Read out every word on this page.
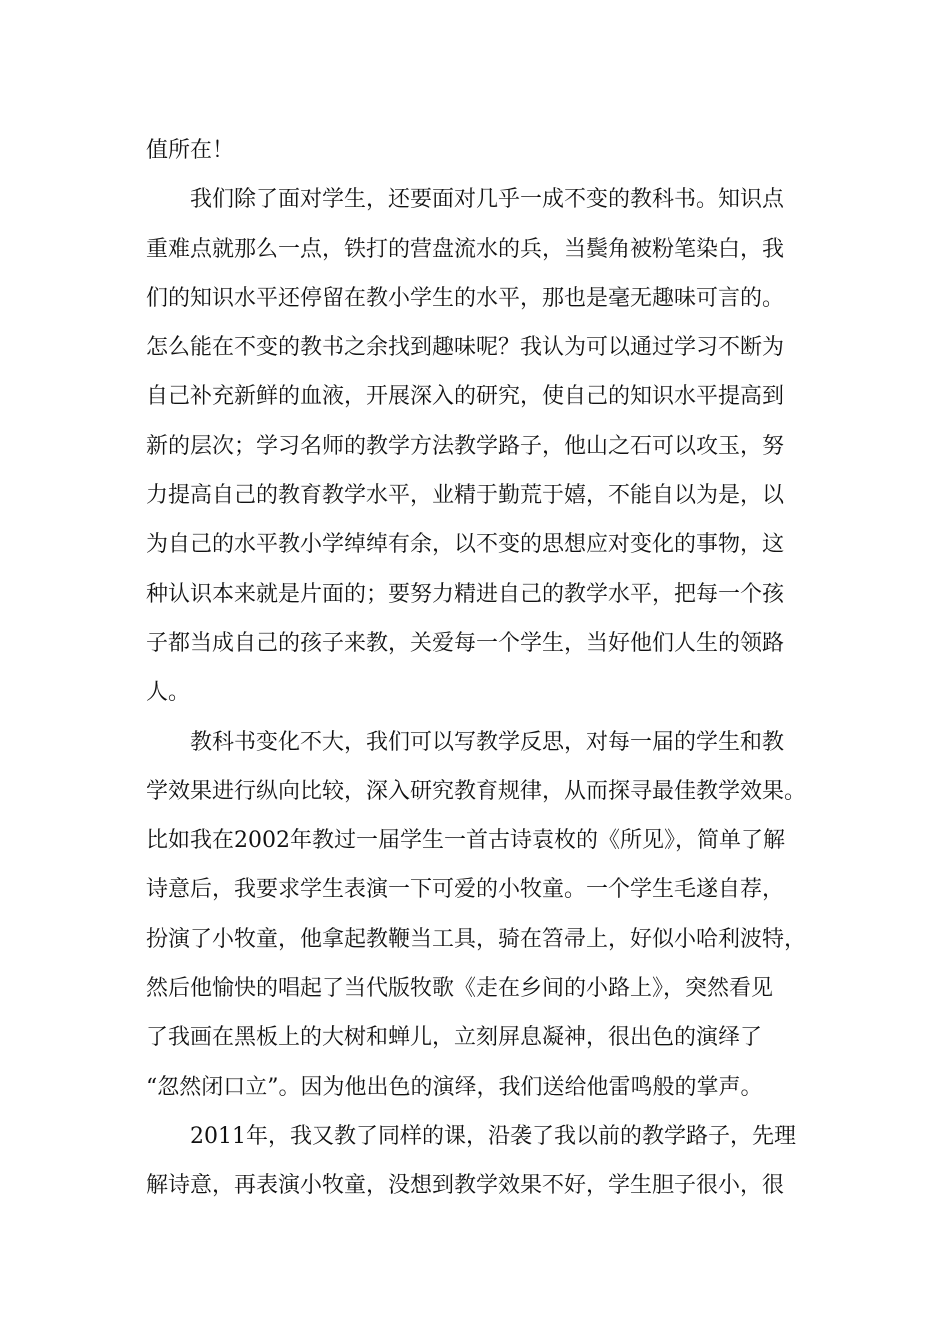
值所在！
我们除了面对学生，还要面对几乎一成不变的教科书。知识点
重难点就那么一点，铁打的营盘流水的兵，当鬓角被粉笔染白，我
们的知识水平还停留在教小学生的水平，那也是毫无趣味可言的。
怎么能在不变的教书之余找到趣味呢？我认为可以通过学习不断为
自己补充新鲜的血液，开展深入的研究，使自己的知识水平提高到
新的层次；学习名师的教学方法教学路子，他山之石可以攻玉，努
力提高自己的教育教学水平，业精于勤荒于嬉，不能自以为是，以
为自己的水平教小学绰绰有余，以不变的思想应对变化的事物，这
种认识本来就是片面的；要努力精进自己的教学水平，把每一个孩
子都当成自己的孩子来教，关爱每一个学生，当好他们人生的领路
人。
教科书变化不大，我们可以写教学反思，对每一届的学生和教
学效果进行纵向比较，深入研究教育规律，从而探寻最佳教学效果。
比如我在2002年教过一届学生一首古诗袁枚的《所见》，简单了解
诗意后，我要求学生表演一下可爱的小牧童。一个学生毛遂自荐，
扮演了小牧童，他拿起教鞭当工具，骑在笤帚上，好似小哈利波特，
然后他愉快的唱起了当代版牧歌《走在乡间的小路上》，突然看见
了我画在黑板上的大树和蝉儿，立刻屏息凝神，很出色的演绎了
“忽然闭口立”。因为他出色的演绎，我们送给他雷鸣般的掌声。
2011年，我又教了同样的课，沿袭了我以前的教学路子，先理
解诗意，再表演小牧童，没想到教学效果不好，学生胆子很小，很
